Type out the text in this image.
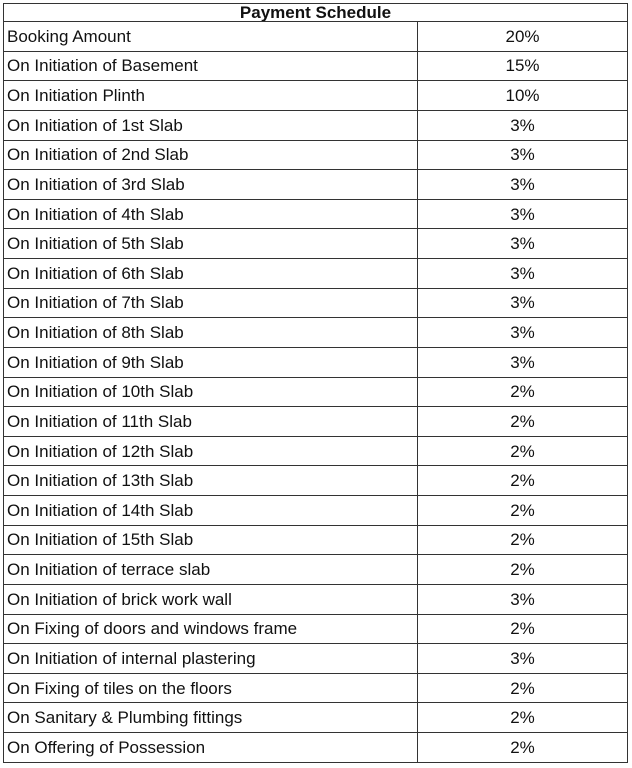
Payment Schedule	
Booking Amount	20%
On Initiation of Basement	15%
On Initiation Plinth	10%
On Initiation of 1st Slab	3%
On Initiation of 2nd Slab	3%
On Initiation of 3rd Slab	3%
On Initiation of 4th Slab	3%
On Initiation of 5th Slab	3%
On Initiation of 6th Slab	3%
On Initiation of 7th Slab	3%
On Initiation of 8th Slab	3%
On Initiation of 9th Slab	3%
On Initiation of 10th Slab	2%
On Initiation of 11th Slab	2%
On Initiation of 12th Slab	2%
On Initiation of 13th Slab	2%
On Initiation of 14th Slab	2%
On Initiation of 15th Slab	2%
On Initiation of terrace slab	2%
On Initiation of brick work wall	3%
On Fixing of doors and windows frame	2%
On Initiation of internal plastering	3%
On Fixing of tiles on the floors	2%
On Sanitary & Plumbing fittings	2%
On Offering of Possession	2%
